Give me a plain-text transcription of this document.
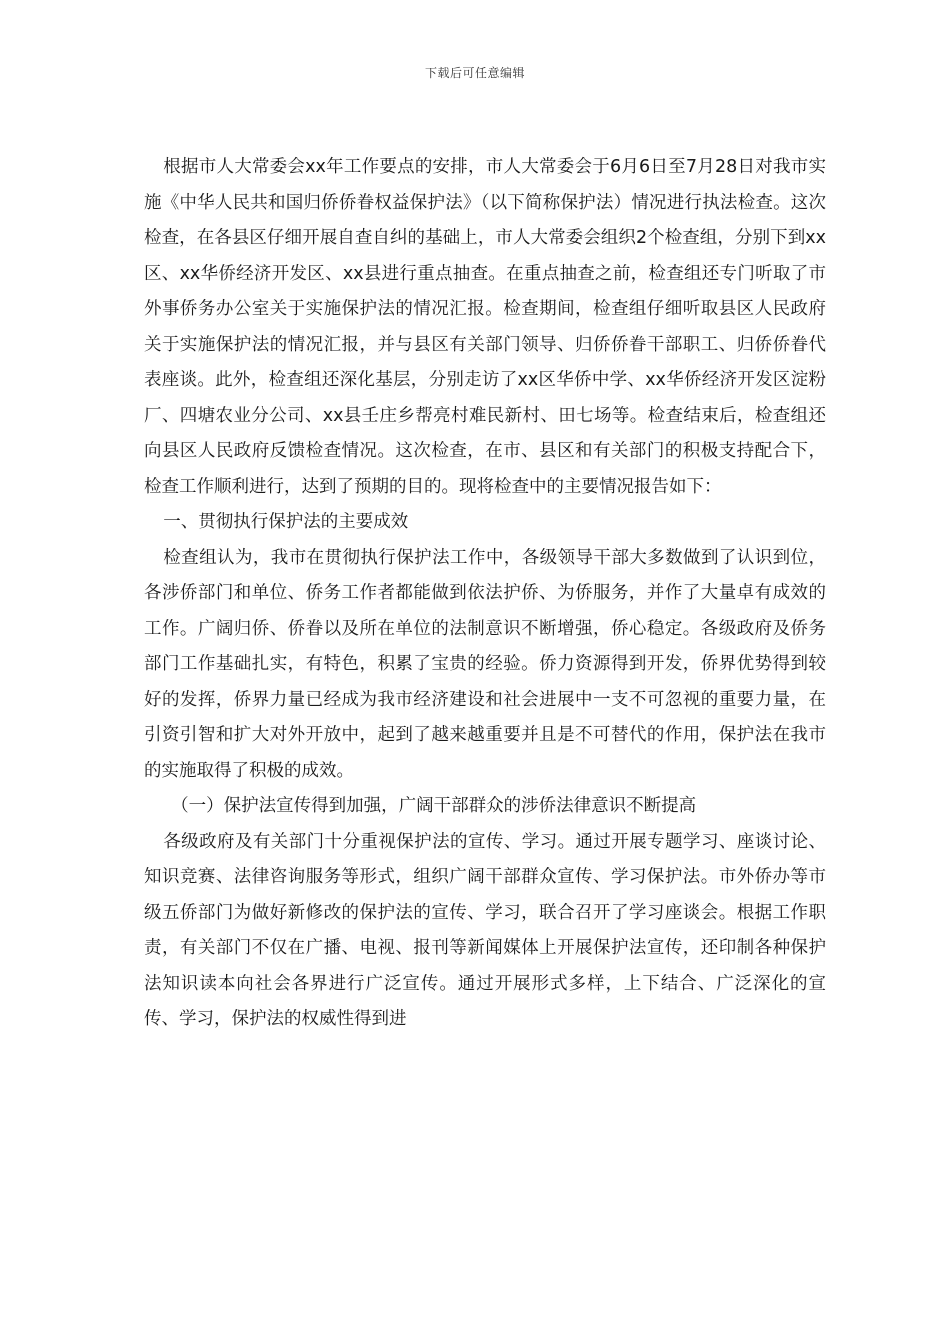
下载后可任意编辑

根据市人大常委会xx年工作要点的安排，市人大常委会于6月6日至7月28日对我市实施《中华人民共和国归侨侨眷权益保护法》（以下简称保护法）情况进行执法检查。这次检查，在各县区仔细开展自查自纠的基础上，市人大常委会组织2个检查组，分别下到xx区、xx华侨经济开发区、xx县进行重点抽查。在重点抽查之前，检查组还专门听取了市外事侨务办公室关于实施保护法的情况汇报。检查期间，检查组仔细听取县区人民政府关于实施保护法的情况汇报，并与县区有关部门领导、归侨侨眷干部职工、归侨侨眷代表座谈。此外，检查组还深化基层，分别走访了xx区华侨中学、xx华侨经济开发区淀粉厂、四塘农业分公司、xx县壬庄乡帮亮村难民新村、田七场等。检查结束后，检查组还向县区人民政府反馈检查情况。这次检查，在市、县区和有关部门的积极支持配合下，检查工作顺利进行，达到了预期的目的。现将检查中的主要情况报告如下：

一、贯彻执行保护法的主要成效

检查组认为，我市在贯彻执行保护法工作中，各级领导干部大多数做到了认识到位，各涉侨部门和单位、侨务工作者都能做到依法护侨、为侨服务，并作了大量卓有成效的工作。广阔归侨、侨眷以及所在单位的法制意识不断增强，侨心稳定。各级政府及侨务部门工作基础扎实，有特色，积累了宝贵的经验。侨力资源得到开发，侨界优势得到较好的发挥，侨界力量已经成为我市经济建设和社会进展中一支不可忽视的重要力量，在引资引智和扩大对外开放中，起到了越来越重要并且是不可替代的作用，保护法在我市的实施取得了积极的成效。

（一）保护法宣传得到加强，广阔干部群众的涉侨法律意识不断提高

各级政府及有关部门十分重视保护法的宣传、学习。通过开展专题学习、座谈讨论、知识竞赛、法律咨询服务等形式，组织广阔干部群众宣传、学习保护法。市外侨办等市级五侨部门为做好新修改的保护法的宣传、学习，联合召开了学习座谈会。根据工作职责，有关部门不仅在广播、电视、报刊等新闻媒体上开展保护法宣传，还印制各种保护法知识读本向社会各界进行广泛宣传。通过开展形式多样，上下结合、广泛深化的宣传、学习，保护法的权威性得到进
